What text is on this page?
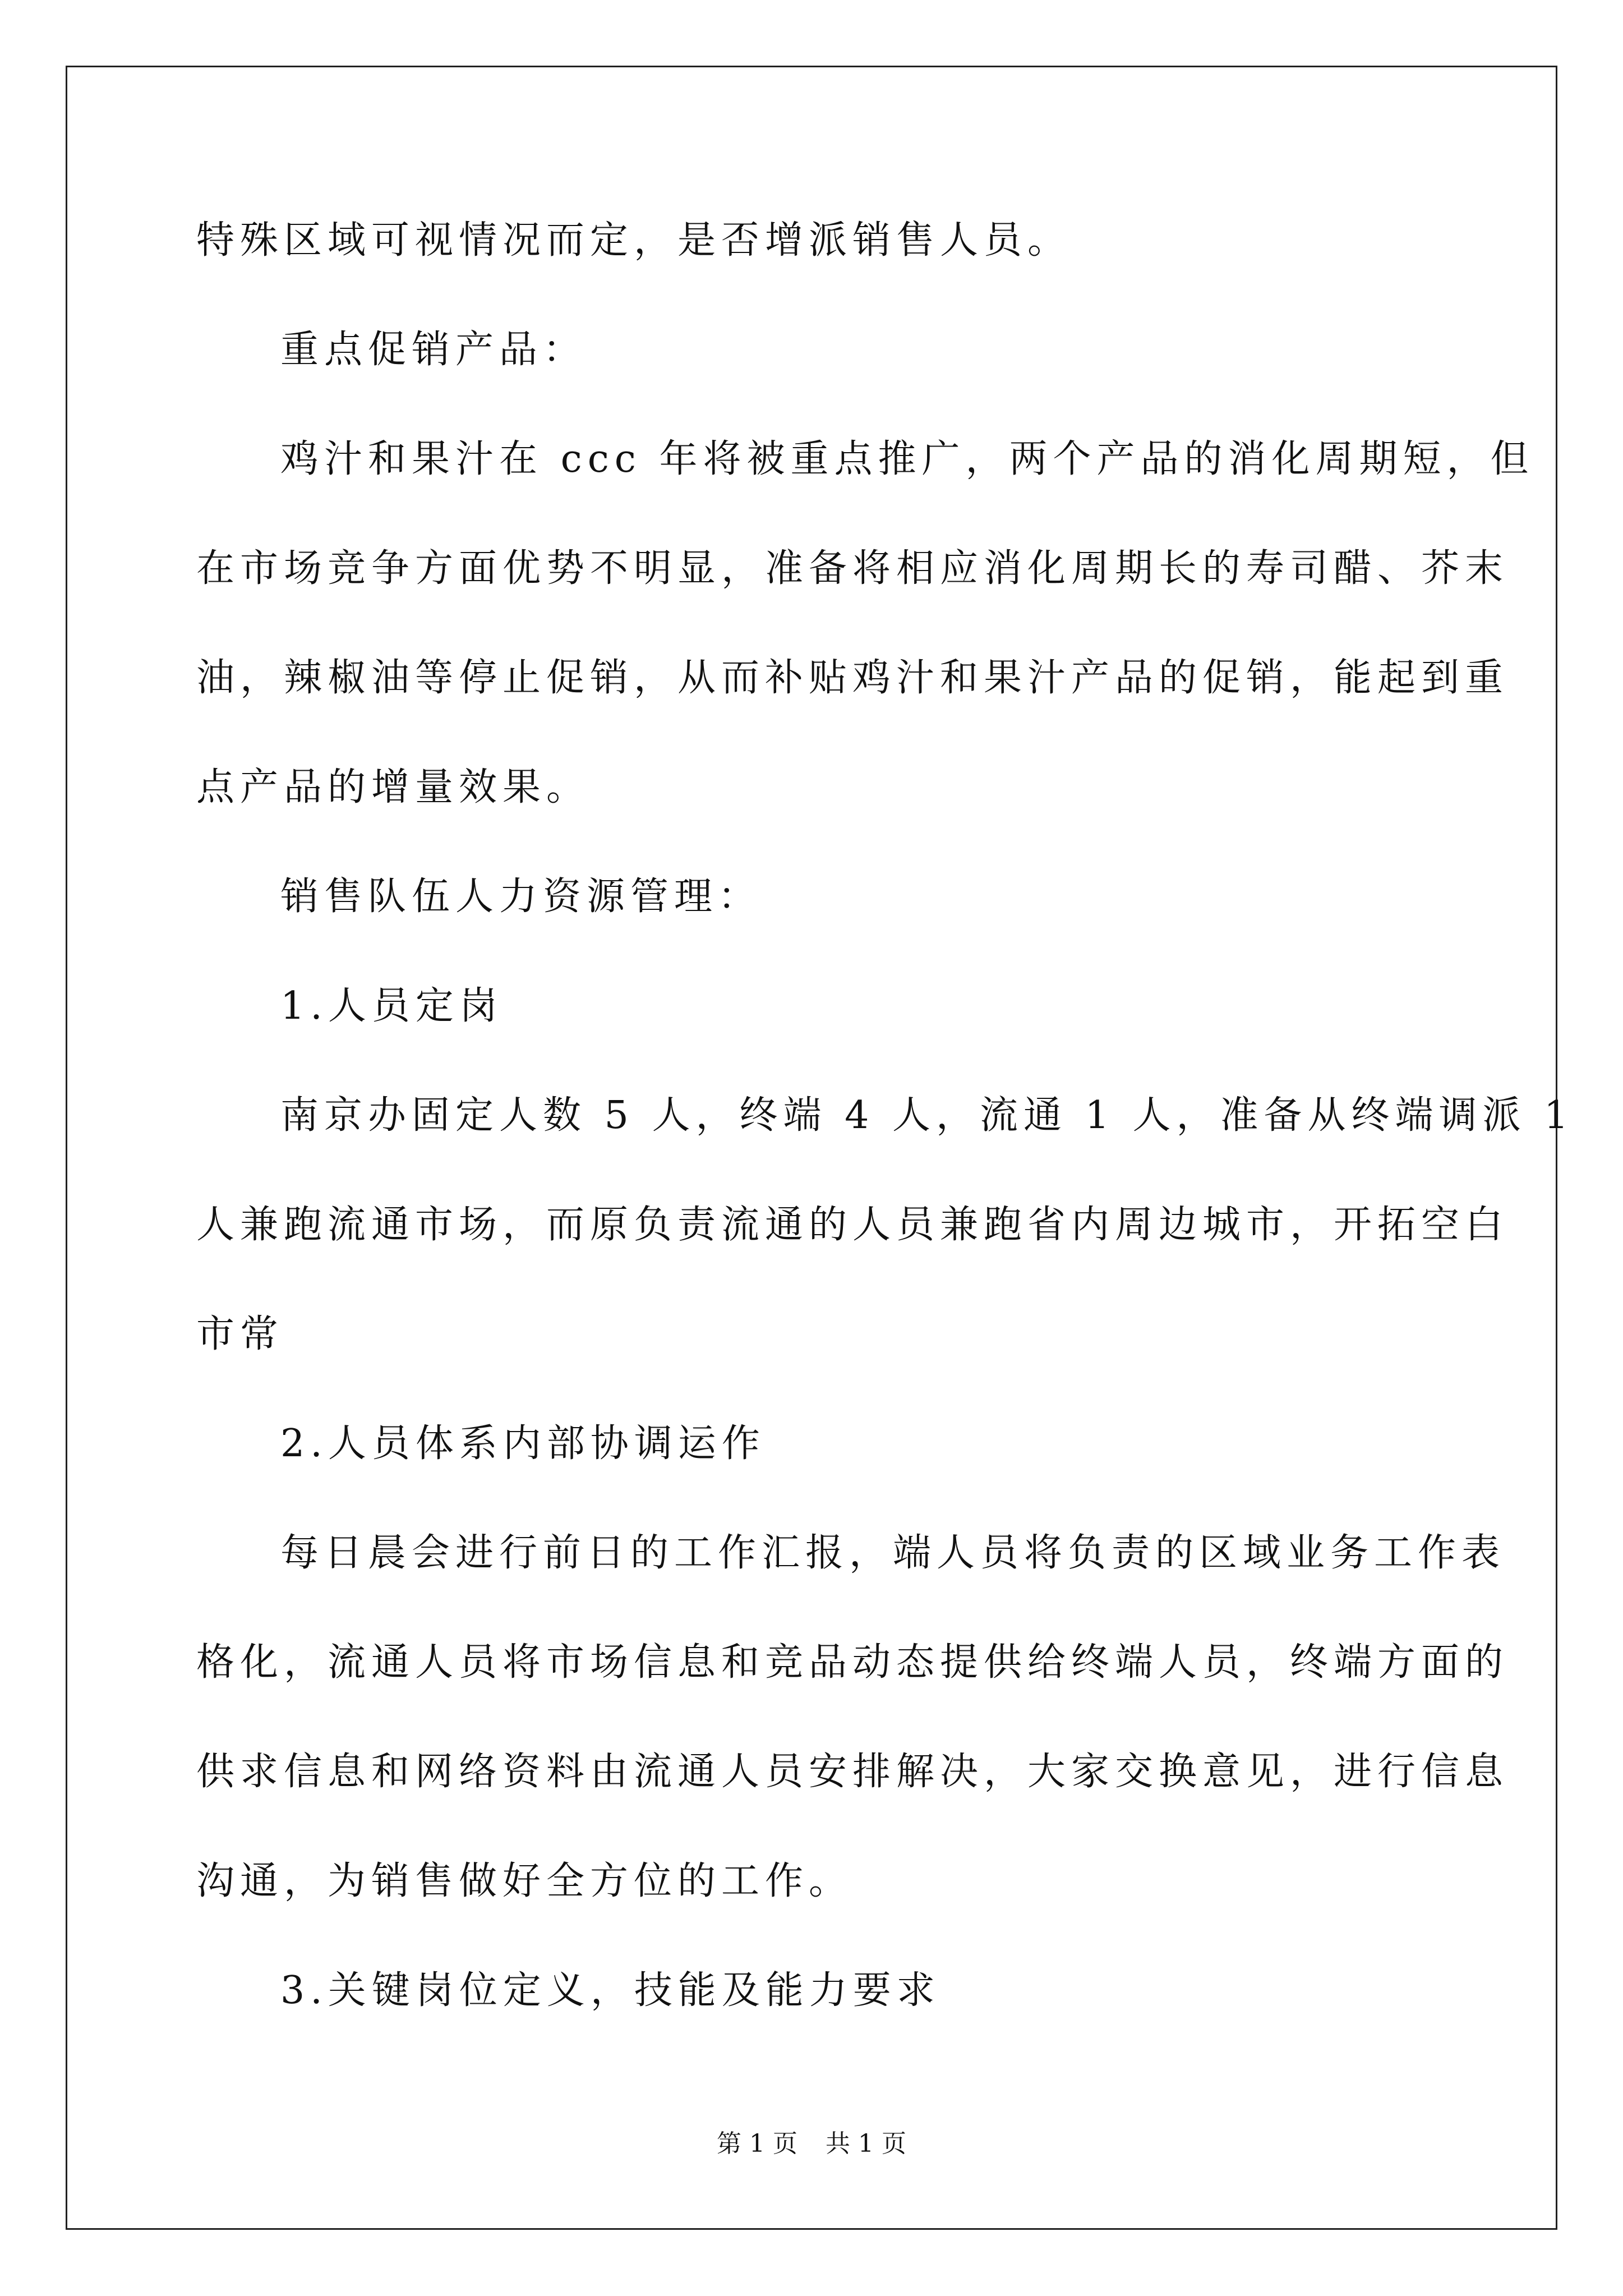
特殊区域可视情况而定，是否增派销售人员。
重点促销产品：
鸡汁和果汁在 ccc 年将被重点推广，两个产品的消化周期短，但
在市场竞争方面优势不明显，准备将相应消化周期长的寿司醋、芥末
油，辣椒油等停止促销，从而补贴鸡汁和果汁产品的促销，能起到重
点产品的增量效果。
销售队伍人力资源管理：
1.人员定岗
南京办固定人数 5 人，终端 4 人，流通 1 人，准备从终端调派 1
人兼跑流通市场，而原负责流通的人员兼跑省内周边城市，开拓空白
市常
2.人员体系内部协调运作
每日晨会进行前日的工作汇报，端人员将负责的区域业务工作表
格化，流通人员将市场信息和竞品动态提供给终端人员，终端方面的
供求信息和网络资料由流通人员安排解决，大家交换意见，进行信息
沟通，为销售做好全方位的工作。
3.关键岗位定义，技能及能力要求
第 1 页 共 1 页
